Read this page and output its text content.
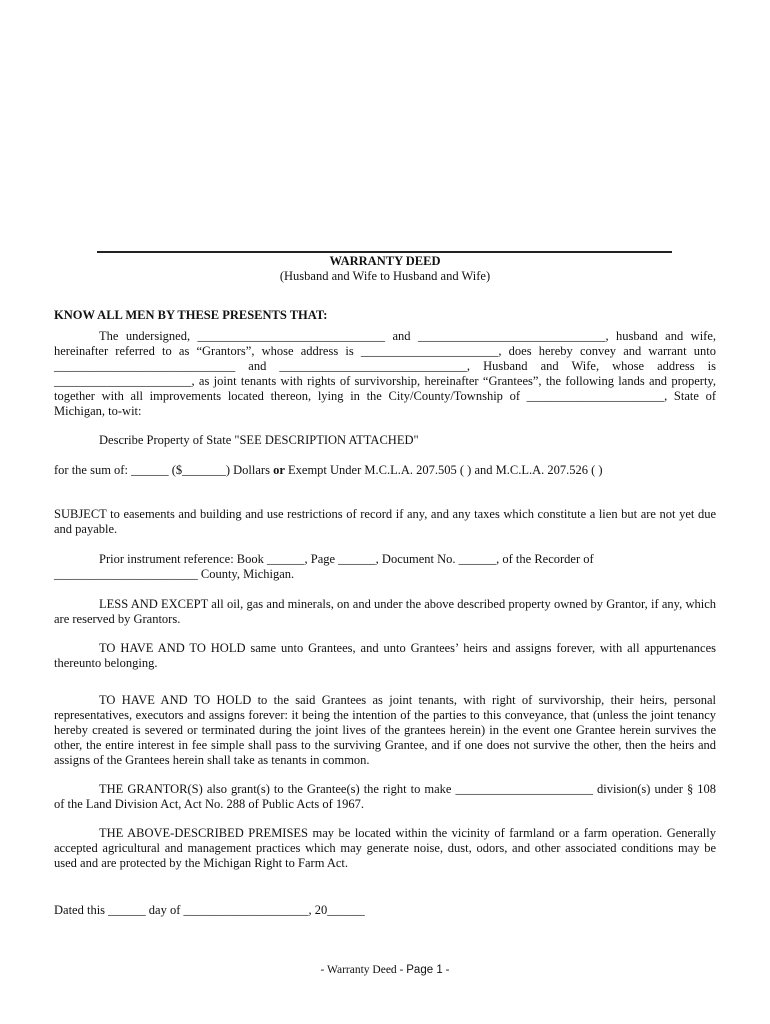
WARRANTY DEED
(Husband and Wife to Husband and Wife)
KNOW ALL MEN BY THESE PRESENTS THAT:

The undersigned, ______________________________ and ______________________________, husband and wife,

hereinafter referred to as “Grantors”, whose address is ______________________, does hereby convey and warrant unto

_____________________________ and ______________________________, Husband and Wife, whose address is

______________________, as joint tenants with rights of survivorship, hereinafter “Grantees”, the following lands and property,

together with all improvements located thereon, lying in the City/County/Township of ______________________, State of

Michigan, to-wit:

Describe Property of State "SEE DESCRIPTION ATTACHED"
for the sum of: ______ ($_______) Dollars or Exempt Under M.C.L.A. 207.505 ( ) and M.C.L.A. 207.526 ( )
SUBJECT to easements and building and use restrictions of record if any, and any taxes which constitute a lien but are not yet due and payable.

Prior instrument reference: Book ______, Page ______, Document No. ______, of the Recorder of

_______________________ County, Michigan.

LESS AND EXCEPT all oil, gas and minerals, on and under the above described property owned by Grantor, if any, which are reserved by Grantors.
TO HAVE AND TO HOLD same unto Grantees, and unto Grantees’ heirs and assigns forever, with all appurtenances thereunto belonging.
TO HAVE AND TO HOLD to the said Grantees as joint tenants, with right of survivorship, their heirs, personal representatives, executors and assigns forever: it being the intention of the parties to this conveyance, that (unless the joint tenancy hereby created is severed or terminated during the joint lives of the grantees herein) in the event one Grantee herein survives the other, the entire interest in fee simple shall pass to the surviving Grantee, and if one does not survive the other, then the heirs and assigns of the Grantees herein shall take as tenants in common.
THE GRANTOR(S) also grant(s) to the Grantee(s) the right to make ______________________ division(s) under § 108 of the Land Division Act, Act No. 288 of Public Acts of 1967.
THE ABOVE-DESCRIBED PREMISES may be located within the vicinity of farmland or a farm operation. Generally accepted agricultural and management practices which may generate noise, dust, odors, and other associated conditions may be used and are protected by the Michigan Right to Farm Act.
Dated this ______ day of ____________________, 20______
- Warranty Deed - Page 1 -
